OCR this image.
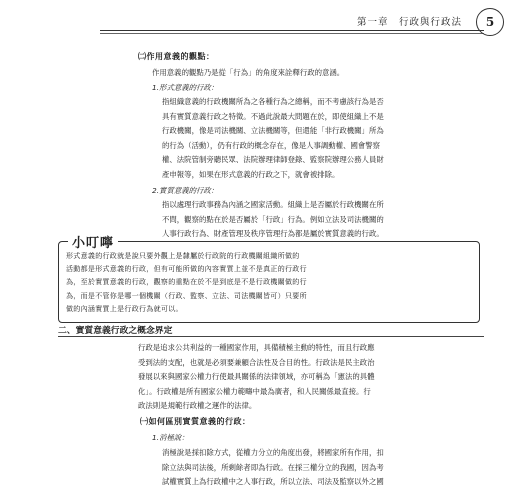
第一章　行政與行政法	5
㈡作用意義的觀點：
作用意義的觀點乃是從「行為」的角度來詮釋行政的意涵。
1.形式意義的行政：
指組織意義的行政機關所為之各種行為之總稱，而不考慮該行為是否
具有實質意義行政之特徵。不過此說最大問題在於，即使組織上不是
行政機關，像是司法機關、立法機關等，但還能「非行政機關」所為
的行為（活動），仍有行政的概念存在，像是人事調動權、國會警察
權、法院管制旁聽民眾、法院辦理律師登錄、監察院辦理公務人員財
產申報等，如果在形式意義的行政之下，就會被排除。
2.實質意義的行政：
指以處理行政事務為內涵之國家活動。組織上是否屬於行政機關在所
不問，觀察的點在於是否屬於「行政」行為。例如立法及司法機關的
人事行政行為、財產管理及秩序管理行為都是屬於實質意義的行政。
小叮嚀
形式意義的行政就是說只要外觀上是隸屬於行政院的行政機關組織所做的
活動都是形式意義的行政，但有可能所做的內容實質上並不是真正的行政行
為，至於實質意義的行政，觀察的重點在於不是到底是不是行政機關做的行
為，而是不管你是哪一個機關（行政、監察、立法、司法機關皆可）只要所
做的內涵實質上是行政行為就可以。
二、實質意義行政之概念界定
行政是追求公共利益的一種國家作用，具備積極主動的特性，而且行政應
受到法的支配，也就是必須要兼顧合法性及合目的性。行政法是民主政治
發展以來與國家公權力行使最具關係的法律領域，亦可稱為「憲法的具體
化」。行政權是所有國家公權力範疇中最為廣者，和人民關係最直接。行
政法則是規範行政權之運作的法律。
㈠如何區別實質意義的行政：
1.消極說：
消極說是採扣除方式，從權力分立的角度出發，將國家所有作用，扣
除立法與司法後，所剩餘者即為行政。在採三權分立的我國，因為考
試權實質上為行政權中之人事行政，所以立法、司法及監察以外之國
